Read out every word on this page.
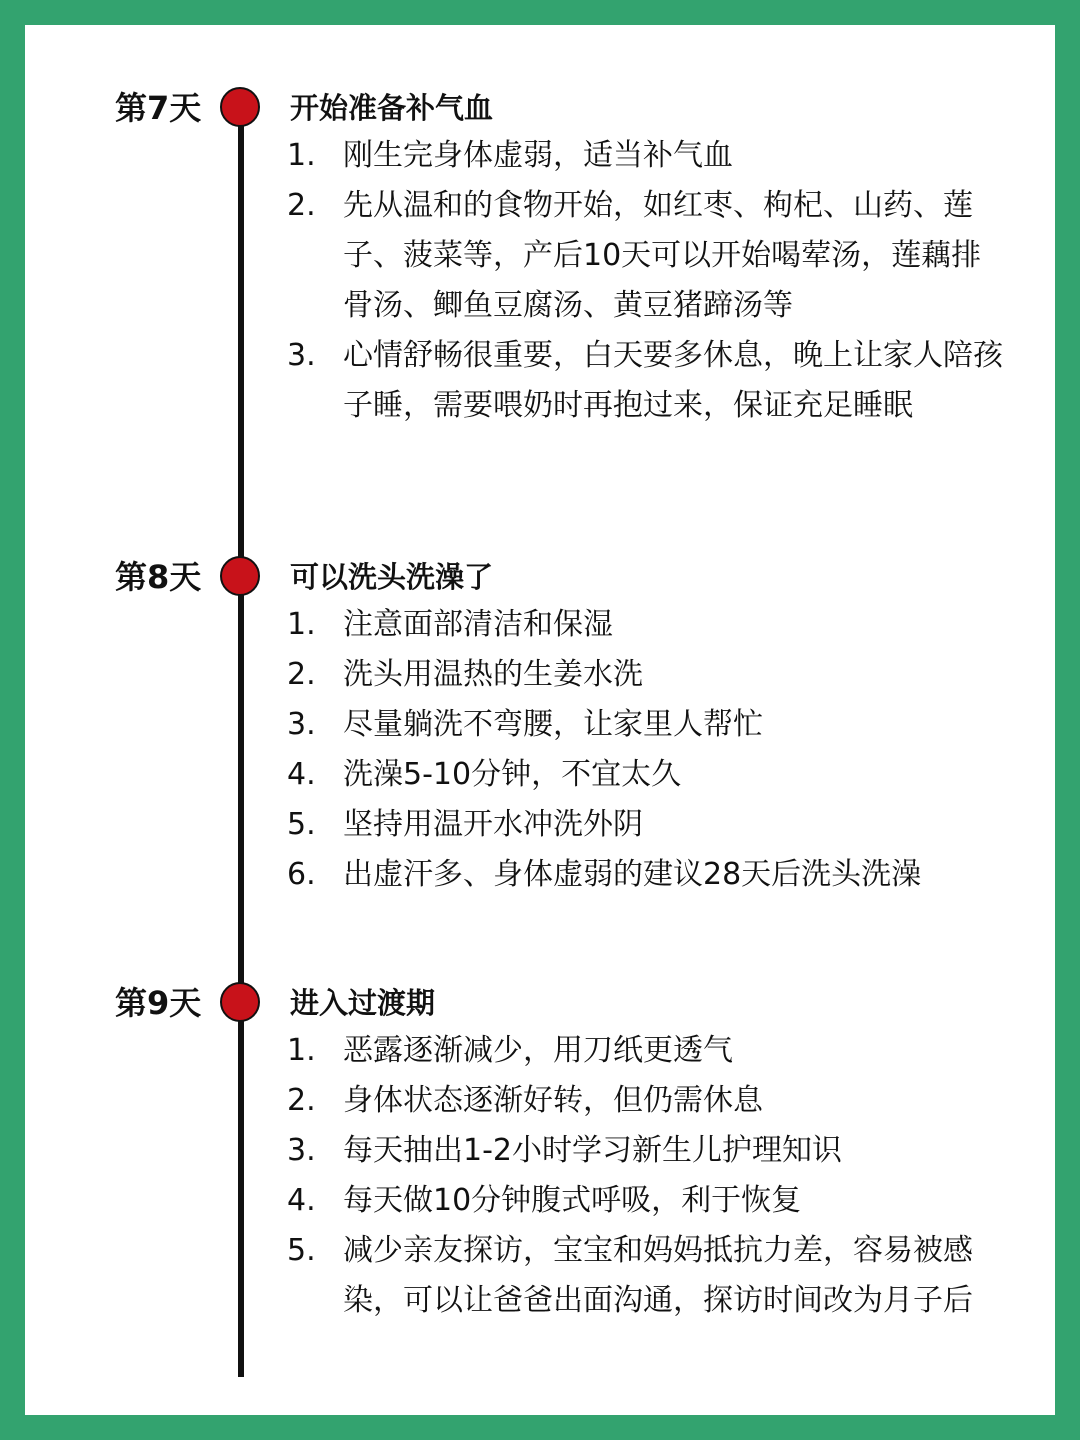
第7天	开始准备补气血
1. 刚生完身体虚弱，适当补气血
2. 先从温和的食物开始，如红枣、枸杞、山药、莲子、菠菜等，产后10天可以开始喝荤汤，莲藕排骨汤、鲫鱼豆腐汤、黄豆猪蹄汤等
3. 心情舒畅很重要，白天要多休息，晚上让家人陪孩子睡，需要喂奶时再抱过来，保证充足睡眠
第8天	可以洗头洗澡了
1. 注意面部清洁和保湿
2. 洗头用温热的生姜水洗
3. 尽量躺洗不弯腰，让家里人帮忙
4. 洗澡5-10分钟，不宜太久
5. 坚持用温开水冲洗外阴
6. 出虚汗多、身体虚弱的建议28天后洗头洗澡
第9天	进入过渡期
1. 恶露逐渐减少，用刀纸更透气
2. 身体状态逐渐好转，但仍需休息
3. 每天抽出1-2小时学习新生儿护理知识
4. 每天做10分钟腹式呼吸，利于恢复
5. 减少亲友探访，宝宝和妈妈抵抗力差，容易被感染，可以让爸爸出面沟通，探访时间改为月子后
